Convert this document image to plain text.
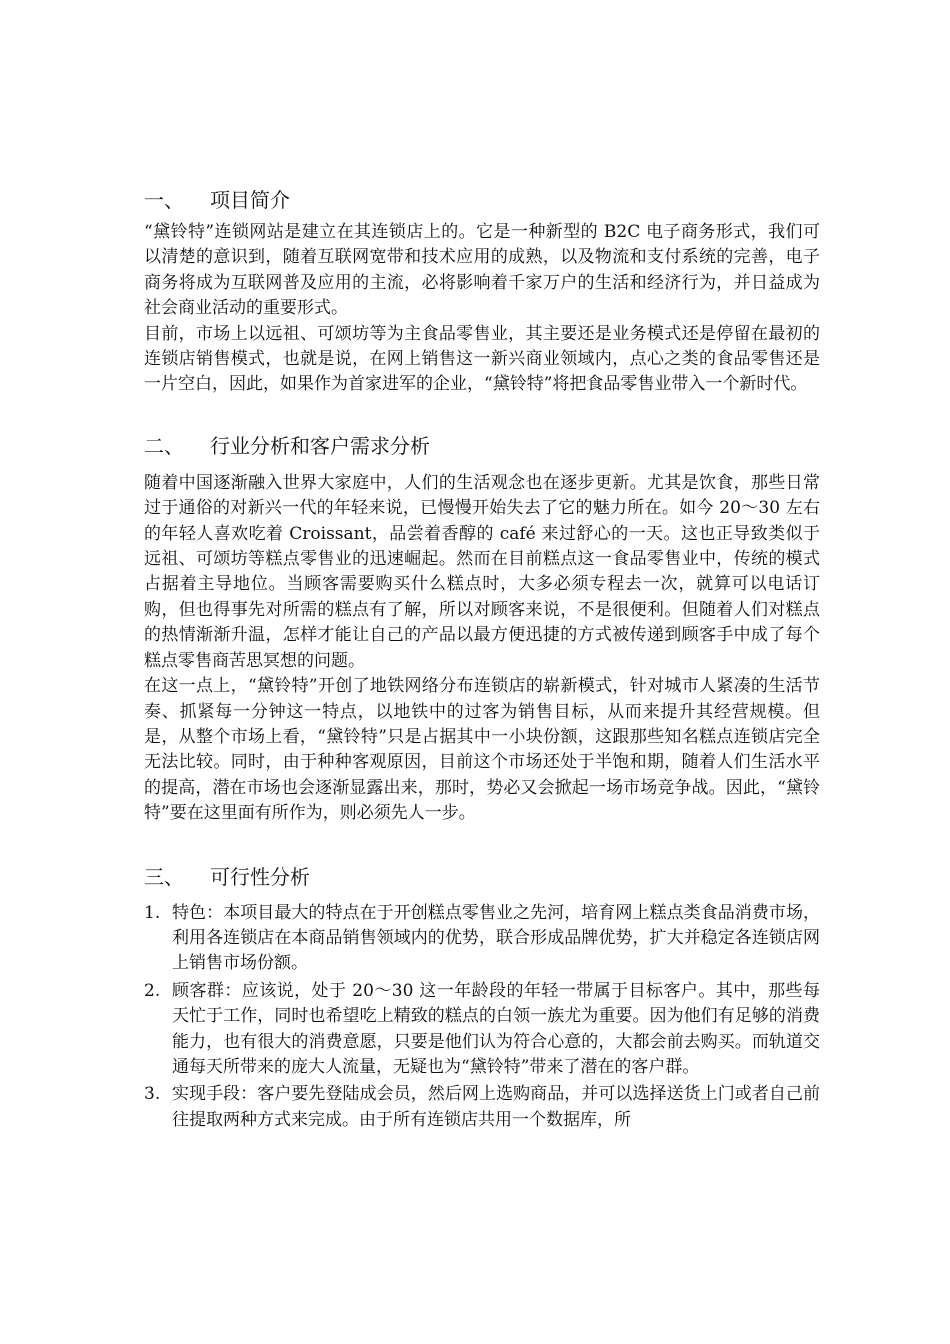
一、	项目简介

“黛铃特”连锁网站是建立在其连锁店上的。它是一种新型的 B2C 电子商务形式，我们可以清楚的意识到，随着互联网宽带和技术应用的成熟，以及物流和支付系统的完善，电子商务将成为互联网普及应用的主流，必将影响着千家万户的生活和经济行为，并日益成为社会商业活动的重要形式。

目前，市场上以远祖、可颂坊等为主食品零售业，其主要还是业务模式还是停留在最初的连锁店销售模式，也就是说，在网上销售这一新兴商业领域内，点心之类的食品零售还是一片空白，因此，如果作为首家进军的企业，“黛铃特”将把食品零售业带入一个新时代。

二、	行业分析和客户需求分析

随着中国逐渐融入世界大家庭中，人们的生活观念也在逐步更新。尤其是饮食，那些日常过于通俗的对新兴一代的年轻来说，已慢慢开始失去了它的魅力所在。如今 20～30 左右的年轻人喜欢吃着 Croissant，品尝着香醇的 café 来过舒心的一天。这也正导致类似于远祖、可颂坊等糕点零售业的迅速崛起。然而在目前糕点这一食品零售业中，传统的模式占据着主导地位。当顾客需要购买什么糕点时，大多必须专程去一次，就算可以电话订购，但也得事先对所需的糕点有了解，所以对顾客来说，不是很便利。但随着人们对糕点的热情渐渐升温，怎样才能让自己的产品以最方便迅捷的方式被传递到顾客手中成了每个糕点零售商苦思冥想的问题。

在这一点上，“黛铃特”开创了地铁网络分布连锁店的崭新模式，针对城市人紧凑的生活节奏、抓紧每一分钟这一特点，以地铁中的过客为销售目标，从而来提升其经营规模。但是，从整个市场上看，“黛铃特”只是占据其中一小块份额，这跟那些知名糕点连锁店完全无法比较。同时，由于种种客观原因，目前这个市场还处于半饱和期，随着人们生活水平的提高，潜在市场也会逐渐显露出来，那时，势必又会掀起一场市场竞争战。因此，“黛铃特”要在这里面有所作为，则必须先人一步。

三、	可行性分析
1. 特色：本项目最大的特点在于开创糕点零售业之先河，培育网上糕点类食品消费市场，利用各连锁店在本商品销售领域内的优势，联合形成品牌优势，扩大并稳定各连锁店网上销售市场份额。
2. 顾客群：应该说，处于 20～30 这一年龄段的年轻一带属于目标客户。其中，那些每天忙于工作，同时也希望吃上精致的糕点的白领一族尤为重要。因为他们有足够的消费能力，也有很大的消费意愿，只要是他们认为符合心意的，大都会前去购买。而轨道交通每天所带来的庞大人流量，无疑也为“黛铃特”带来了潜在的客户群。
3. 实现手段：客户要先登陆成会员，然后网上选购商品，并可以选择送货上门或者自己前往提取两种方式来完成。由于所有连锁店共用一个数据库，所
